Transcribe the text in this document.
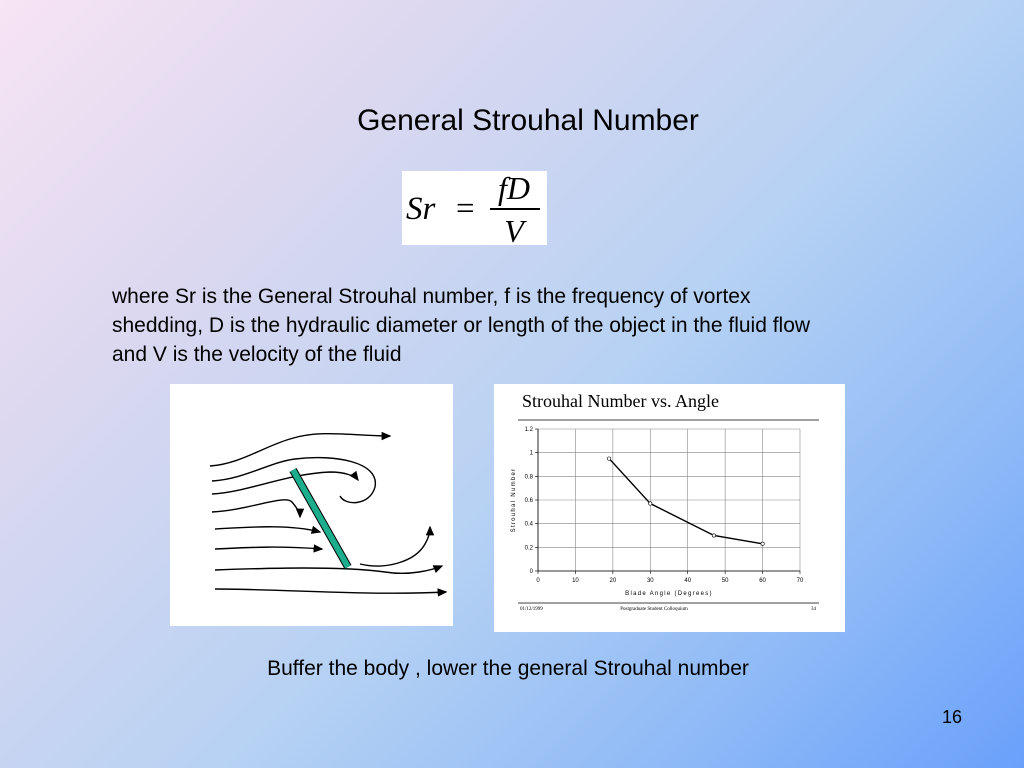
General Strouhal Number
Sr =
fD
V
where Sr is the General Strouhal number, f is the frequency of vortex shedding, D is the hydraulic diameter or length of the object in the fluid flow and V is the velocity of the fluid
Strouhal Number vs. Angle
0	10	20	30	40	50	60	70
0
0.2
0.4
0.6
0.8
1
1.2
Blade Angle (Degrees)
Strouhal Number
01/12/1999	Postgraduate Student Colloquium	34
Buffer the body , lower the general Strouhal number
16
